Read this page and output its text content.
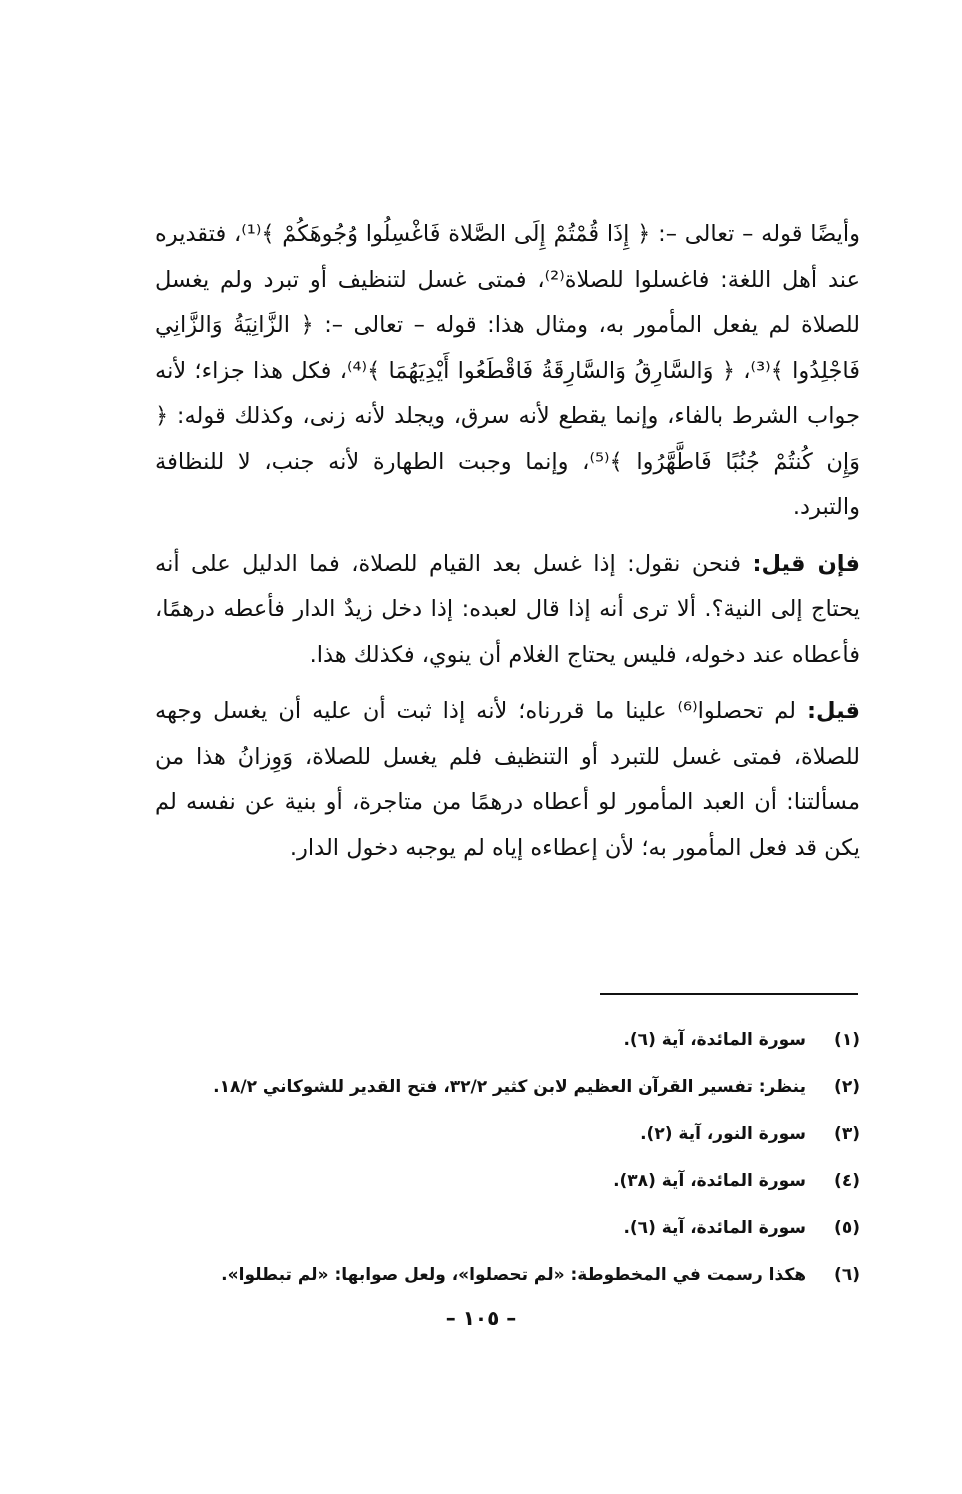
وأيضًا قوله – تعالى –: ﴿ إِذَا قُمْتُمْ إِلَى الصَّلاة فَاغْسِلُوا وُجُوهَكُمْ ﴾⁽¹⁾، فتقديره عند أهل اللغة: فاغسلوا للصلاة⁽²⁾، فمتى غسل لتنظيف أو تبرد ولم يغسل للصلاة لم يفعل المأمور به، ومثال هذا: قوله – تعالى –: ﴿ الزَّانِيَةُ وَالزَّانِي فَاجْلِدُوا ﴾⁽³⁾، ﴿ وَالسَّارِقُ وَالسَّارِقَةُ فَاقْطَعُوا أَيْدِيَهُمَا ﴾⁽⁴⁾، فكل هذا جزاء؛ لأنه جواب الشرط بالفاء، وإنما يقطع لأنه سرق، ويجلد لأنه زنى، وكذلك قوله: ﴿ وَإِن كُنتُمْ جُنُبًا فَاطَّهَّرُوا ﴾⁽⁵⁾، وإنما وجبت الطهارة لأنه جنب، لا للنظافة والتبرد.

فإن قيل: فنحن نقول: إذا غسل بعد القيام للصلاة، فما الدليل على أنه يحتاج إلى النية؟. ألا ترى أنه إذا قال لعبده: إذا دخل زيدٌ الدار فأعطه درهمًا، فأعطاه عند دخوله، فليس يحتاج الغلام أن ينوي، فكذلك هذا.

قيل: لم تحصلوا⁽⁶⁾ علينا ما قررناه؛ لأنه إذا ثبت أن عليه أن يغسل وجهه للصلاة، فمتى غسل للتبرد أو التنظيف فلم يغسل للصلاة، وَوِزانُ هذا من مسألتنا: أن العبد المأمور لو أعطاه درهمًا من متاجرة، أو بنية عن نفسه لم يكن قد فعل المأمور به؛ لأن إعطاءه إياه لم يوجبه دخول الدار.

(١)
سورة المائدة، آية (٦).
(٢)
ينظر: تفسير القرآن العظيم لابن كثير ٣٢/٢، فتح القدير للشوكاني ١٨/٢.
(٣)
سورة النور، آية (٢).
(٤)
سورة المائدة، آية (٣٨).
(٥)
سورة المائدة، آية (٦).
(٦)
هكذا رسمت في المخطوطة: «لم تحصلوا»، ولعل صوابها: «لم تبطلوا».
– ١٠٥ –
